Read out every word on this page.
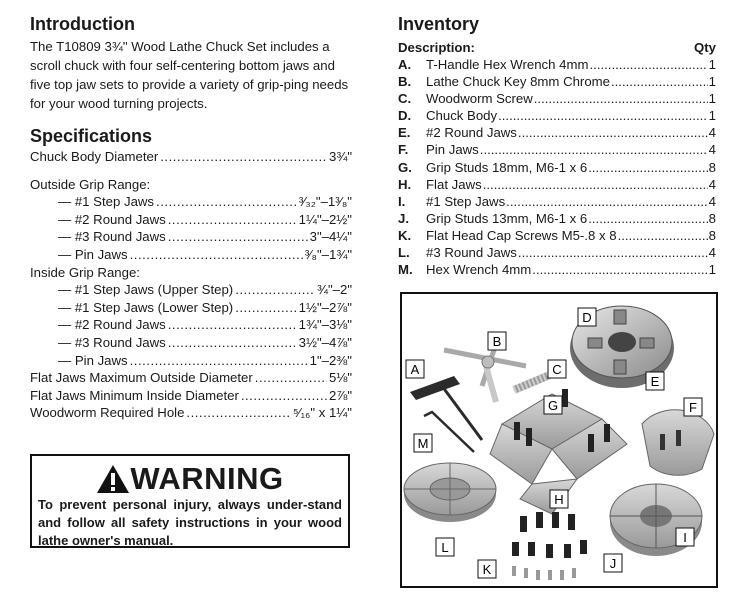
Introduction

The T10809 3¾" Wood Lathe Chuck Set includes a scroll chuck with four self-centering bottom jaws and five top jaw sets to provide a variety of grip-ping needs for your wood turning projects.

Specifications
Chuck Body Diameter .....	3¾"
Outside Grip Range:
— #1 Step Jaws .....	³⁄₃₂"–1³⁄₈"
— #2 Round Jaws .....	1¼"–2½"
— #3 Round Jaws .....	3"–4¼"
— Pin Jaws .....	³⁄₈"–1¾"
Inside Grip Range:
— #1 Step Jaws (Upper Step) .....	¾"–2"
— #1 Step Jaws (Lower Step) .....	1½"–2⅞"
— #2 Round Jaws .....	1¾"–3⅛"
— #3 Round Jaws .....	3½"–4⅞"
— Pin Jaws .....	1"–2⅜"
Flat Jaws Maximum Outside Diameter .....	5⅛"
Flat Jaws Minimum Inside Diameter .....	2⅞"
Woodworm Required Hole .....	⁵⁄₁₆" x 1¼"
WARNING
To prevent personal injury, always under-stand and follow all safety instructions in your wood lathe owner's manual.
Inventory
Description:	Qty
A.	T-Handle Hex Wrench 4mm .....	1
B.	Lathe Chuck Key 8mm Chrome .....	1
C.	Woodworm Screw .....	1
D.	Chuck Body .....	1
E.	#2 Round Jaws .....	4
F.	Pin Jaws .....	4
G.	Grip Studs 18mm, M6-1 x 6 .....	8
H.	Flat Jaws .....	4
I.	#1 Step Jaws .....	4
J.	Grip Studs 13mm, M6-1 x 6 .....	8
K.	Flat Head Cap Screws M5-.8 x 8 .....	8
L.	#3 Round Jaws .....	4
M.	Hex Wrench 4mm .....	1
A
B
C
D
E
F
G
H
I
J
K
L
M
